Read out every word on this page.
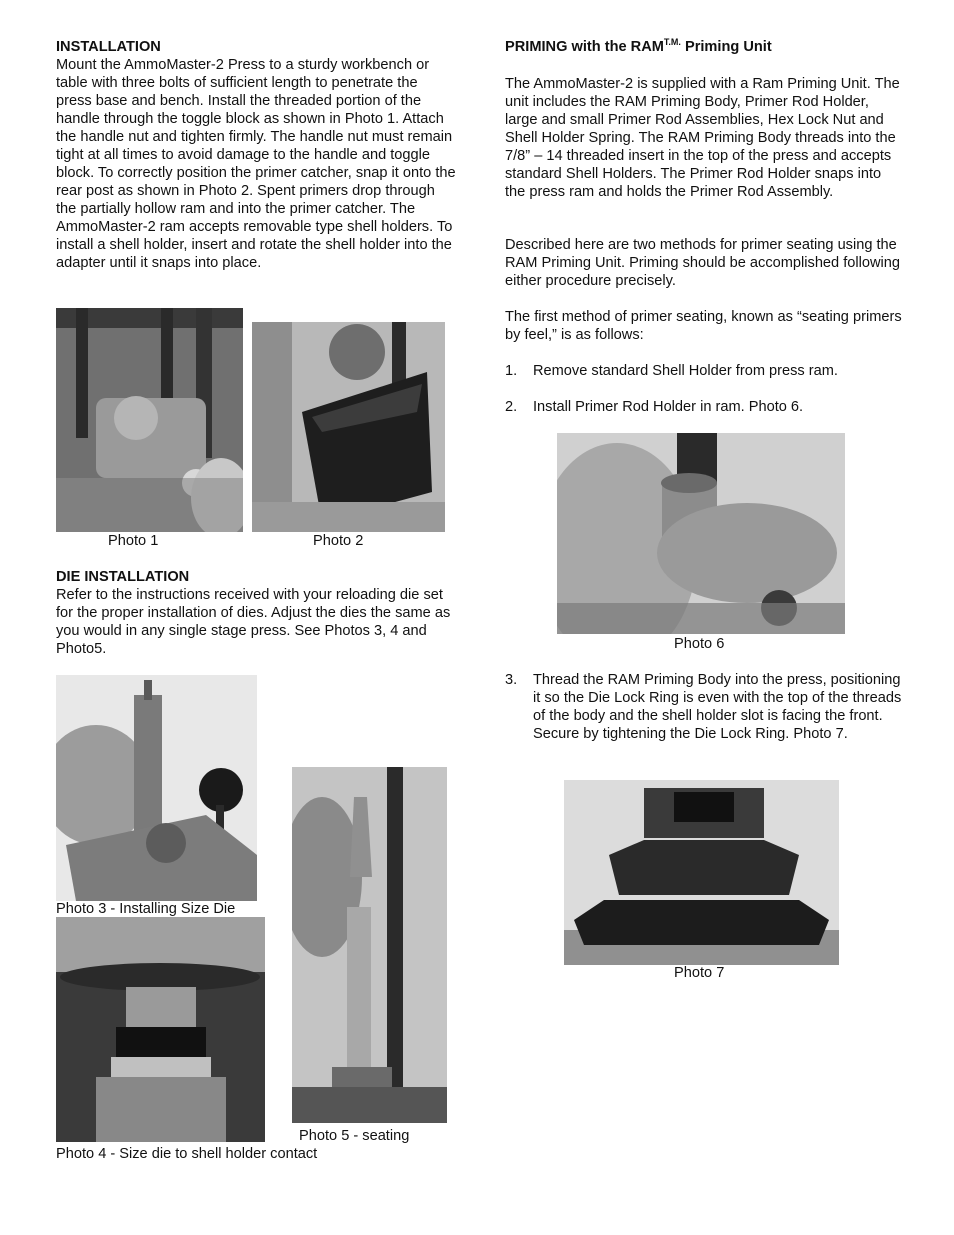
INSTALLATION

Mount the AmmoMaster-2 Press to a sturdy workbench or table with three bolts of sufficient length to penetrate the press base and bench. Install the threaded portion of the handle through the toggle block as shown in Photo 1. Attach the handle nut and tighten firmly. The handle nut must remain tight at all times to avoid damage to the handle and toggle block. To correctly position the primer catcher, snap it onto the rear post as shown in Photo 2. Spent primers drop through the partially hollow ram and into the primer catcher. The AmmoMaster-2 ram accepts removable type shell holders. To install a shell holder, insert and rotate the shell holder into the adapter until it snaps into place.

Photo 1	Photo 2
DIE INSTALLATION

Refer to the instructions received with your reloading die set for the proper installation of dies. Adjust the dies the same as you would in any single stage press. See Photos 3, 4 and Photo5.

Photo 3 - Installing Size Die
Photo 4 - Size die to shell holder contact
Photo 5 - seating
PRIMING with the $RAM^{T.M.}$ Priming Unit
The AmmoMaster-2 is supplied with a Ram Priming Unit. The unit includes the RAM Priming Body, Primer Rod Holder, large and small Primer Rod Assemblies, Hex Lock Nut and Shell Holder Spring. The RAM Priming Body threads into the 7/8” – 14 threaded insert in the top of the press and accepts standard Shell Holders. The Primer Rod Holder snaps into the press ram and holds the Primer Rod Assembly.
Described here are two methods for primer seating using the RAM Priming Unit. Priming should be accomplished following either procedure precisely.
The first method of primer seating, known as “seating primers by feel,” is as follows:
1. Remove standard Shell Holder from press ram.
2. Install Primer Rod Holder in ram. Photo 6.
Photo 6
3. Thread the RAM Priming Body into the press, positioning it so the Die Lock Ring is even with the top of the threads of the body and the shell holder slot is facing the front. Secure by tightening the Die Lock Ring. Photo 7.
Photo 7
